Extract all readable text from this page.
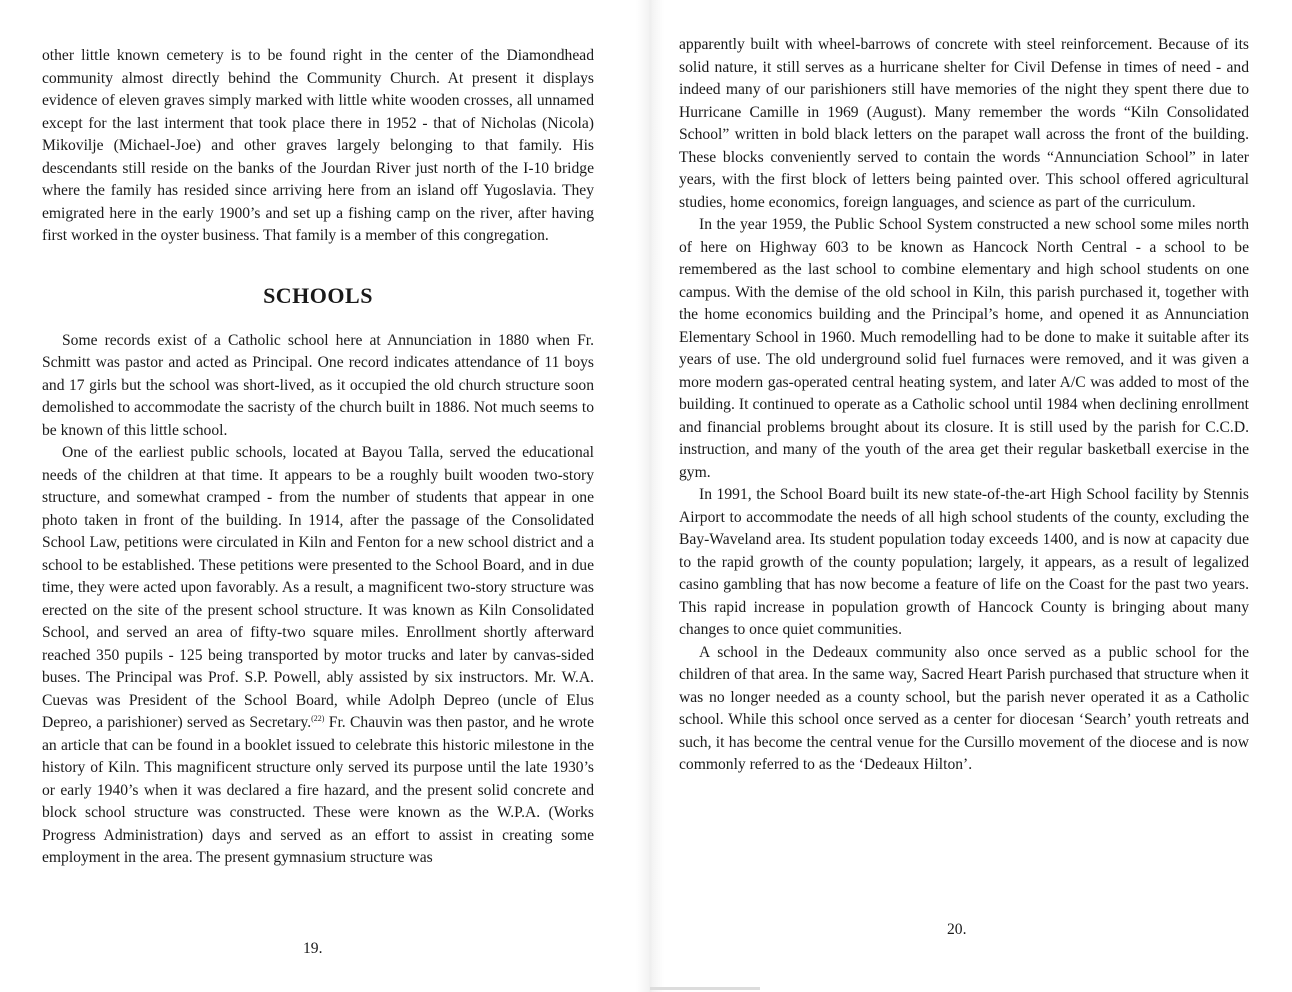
other little known cemetery is to be found right in the center of the Diamondhead community almost directly behind the Community Church. At present it displays evidence of eleven graves simply marked with little white wooden crosses, all unnamed except for the last interment that took place there in 1952 - that of Nicholas (Nicola) Mikovilje (Michael-Joe) and other graves largely belonging to that family. His descendants still reside on the banks of the Jourdan River just north of the I-10 bridge where the family has resided since arriving here from an island off Yugoslavia. They emigrated here in the early 1900’s and set up a fishing camp on the river, after having first worked in the oyster business. That family is a member of this congregation.

SCHOOLS

Some records exist of a Catholic school here at Annunciation in 1880 when Fr. Schmitt was pastor and acted as Principal. One record indicates attendance of 11 boys and 17 girls but the school was short-lived, as it occupied the old church structure soon demolished to accommodate the sacristy of the church built in 1886. Not much seems to be known of this little school.

One of the earliest public schools, located at Bayou Talla, served the educational needs of the children at that time. It appears to be a roughly built wooden two-story structure, and somewhat cramped - from the number of students that appear in one photo taken in front of the building. In 1914, after the passage of the Consolidated School Law, petitions were circulated in Kiln and Fenton for a new school district and a school to be established. These petitions were presented to the School Board, and in due time, they were acted upon favorably. As a result, a magnificent two-story structure was erected on the site of the present school structure. It was known as Kiln Consolidated School, and served an area of fifty-two square miles. Enrollment shortly afterward reached 350 pupils - 125 being transported by motor trucks and later by canvas-sided buses. The Principal was Prof. S.P. Powell, ably assisted by six instructors. Mr. W.A. Cuevas was President of the School Board, while Adolph Depreo (uncle of Elus Depreo, a parishioner) served as Secretary.$^{(22)}$ Fr. Chauvin was then pastor, and he wrote an article that can be found in a booklet issued to celebrate this historic milestone in the history of Kiln. This magnificent structure only served its purpose until the late 1930’s or early 1940’s when it was declared a fire hazard, and the present solid concrete and block school structure was constructed. These were known as the W.P.A. (Works Progress Administration) days and served as an effort to assist in creating some employment in the area. The present gymnasium structure was

19.

apparently built with wheel-barrows of concrete with steel reinforcement. Because of its solid nature, it still serves as a hurricane shelter for Civil Defense in times of need - and indeed many of our parishioners still have memories of the night they spent there due to Hurricane Camille in 1969 (August). Many remember the words “Kiln Consolidated School” written in bold black letters on the parapet wall across the front of the building. These blocks conveniently served to contain the words “Annunciation School” in later years, with the first block of letters being painted over. This school offered agricultural studies, home economics, foreign languages, and science as part of the curriculum.

In the year 1959, the Public School System constructed a new school some miles north of here on Highway 603 to be known as Hancock North Central - a school to be remembered as the last school to combine elementary and high school students on one campus. With the demise of the old school in Kiln, this parish purchased it, together with the home economics building and the Principal’s home, and opened it as Annunciation Elementary School in 1960. Much remodelling had to be done to make it suitable after its years of use. The old underground solid fuel furnaces were removed, and it was given a more modern gas-operated central heating system, and later A/C was added to most of the building. It continued to operate as a Catholic school until 1984 when declining enrollment and financial problems brought about its closure. It is still used by the parish for C.C.D. instruction, and many of the youth of the area get their regular basketball exercise in the gym.

In 1991, the School Board built its new state-of-the-art High School facility by Stennis Airport to accommodate the needs of all high school students of the county, excluding the Bay-Waveland area. Its student population today exceeds 1400, and is now at capacity due to the rapid growth of the county population; largely, it appears, as a result of legalized casino gambling that has now become a feature of life on the Coast for the past two years. This rapid increase in population growth of Hancock County is bringing about many changes to once quiet communities.

A school in the Dedeaux community also once served as a public school for the children of that area. In the same way, Sacred Heart Parish purchased that structure when it was no longer needed as a county school, but the parish never operated it as a Catholic school. While this school once served as a center for diocesan ‘Search’ youth retreats and such, it has become the central venue for the Cursillo movement of the diocese and is now commonly referred to as the ‘Dedeaux Hilton’.

20.
